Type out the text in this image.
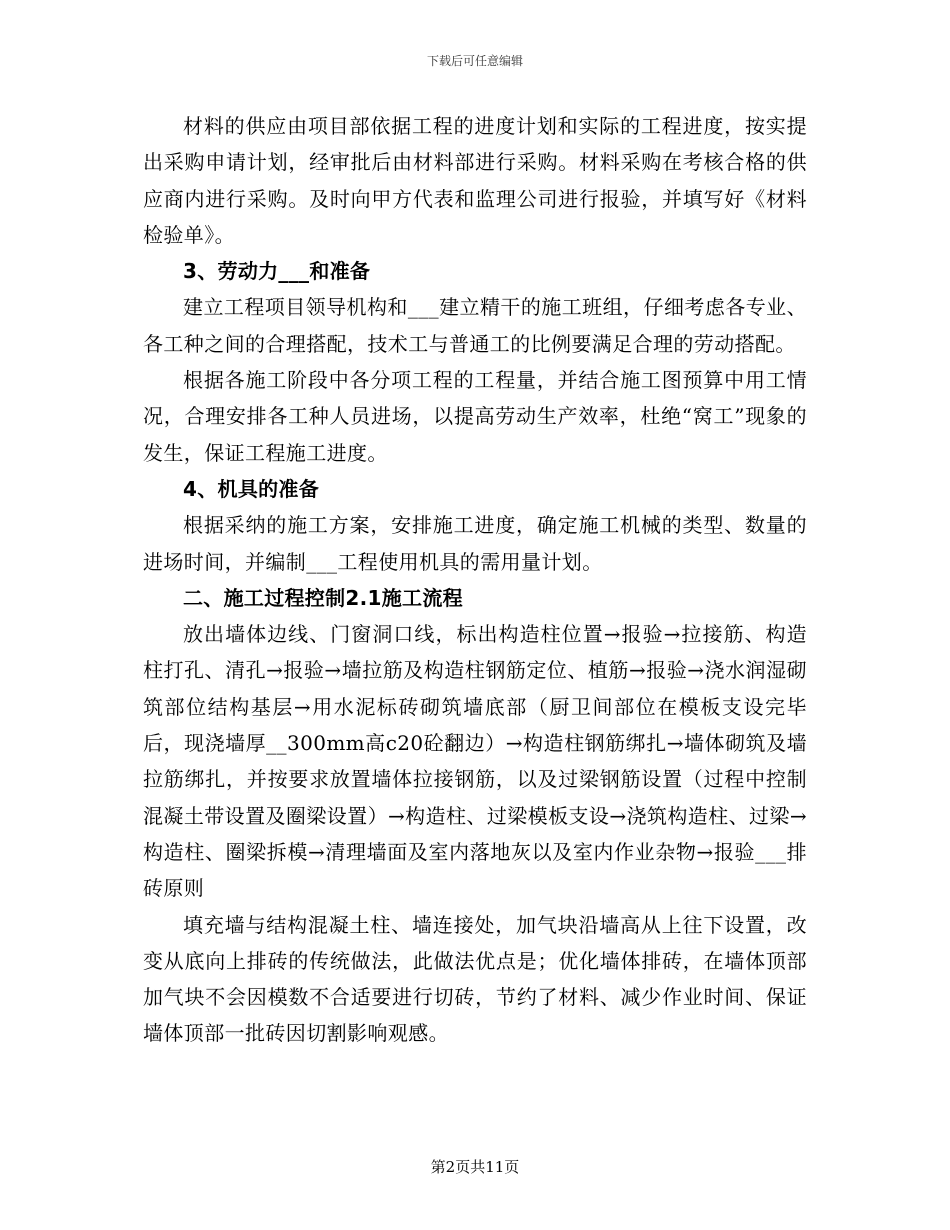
下载后可任意编辑

材料的供应由项目部依据工程的进度计划和实际的工程进度，按实提出采购申请计划，经审批后由材料部进行采购。材料采购在考核合格的供应商内进行采购。及时向甲方代表和监理公司进行报验，并填写好《材料检验单》。

3、劳动力___和准备

建立工程项目领导机构和___建立精干的施工班组，仔细考虑各专业、各工种之间的合理搭配，技术工与普通工的比例要满足合理的劳动搭配。

根据各施工阶段中各分项工程的工程量，并结合施工图预算中用工情况，合理安排各工种人员进场，以提高劳动生产效率，杜绝“窝工”现象的发生，保证工程施工进度。

4、机具的准备

根据采纳的施工方案，安排施工进度，确定施工机械的类型、数量的进场时间，并编制___工程使用机具的需用量计划。

二、施工过程控制2.1施工流程

放出墙体边线、门窗洞口线，标出构造柱位置→报验→拉接筋、构造柱打孔、清孔→报验→墙拉筋及构造柱钢筋定位、植筋→报验→浇水润湿砌筑部位结构基层→用水泥标砖砌筑墙底部（厨卫间部位在模板支设完毕后，现浇墙厚__300mm高c20砼翻边）→构造柱钢筋绑扎→墙体砌筑及墙拉筋绑扎，并按要求放置墙体拉接钢筋，以及过梁钢筋设置（过程中控制混凝土带设置及圈梁设置）→构造柱、过梁模板支设→浇筑构造柱、过梁→构造柱、圈梁拆模→清理墙面及室内落地灰以及室内作业杂物→报验___排砖原则

填充墙与结构混凝土柱、墙连接处，加气块沿墙高从上往下设置，改变从底向上排砖的传统做法，此做法优点是；优化墙体排砖，在墙体顶部加气块不会因模数不合适要进行切砖，节约了材料、减少作业时间、保证墙体顶部一批砖因切割影响观感。

第2页共11页
